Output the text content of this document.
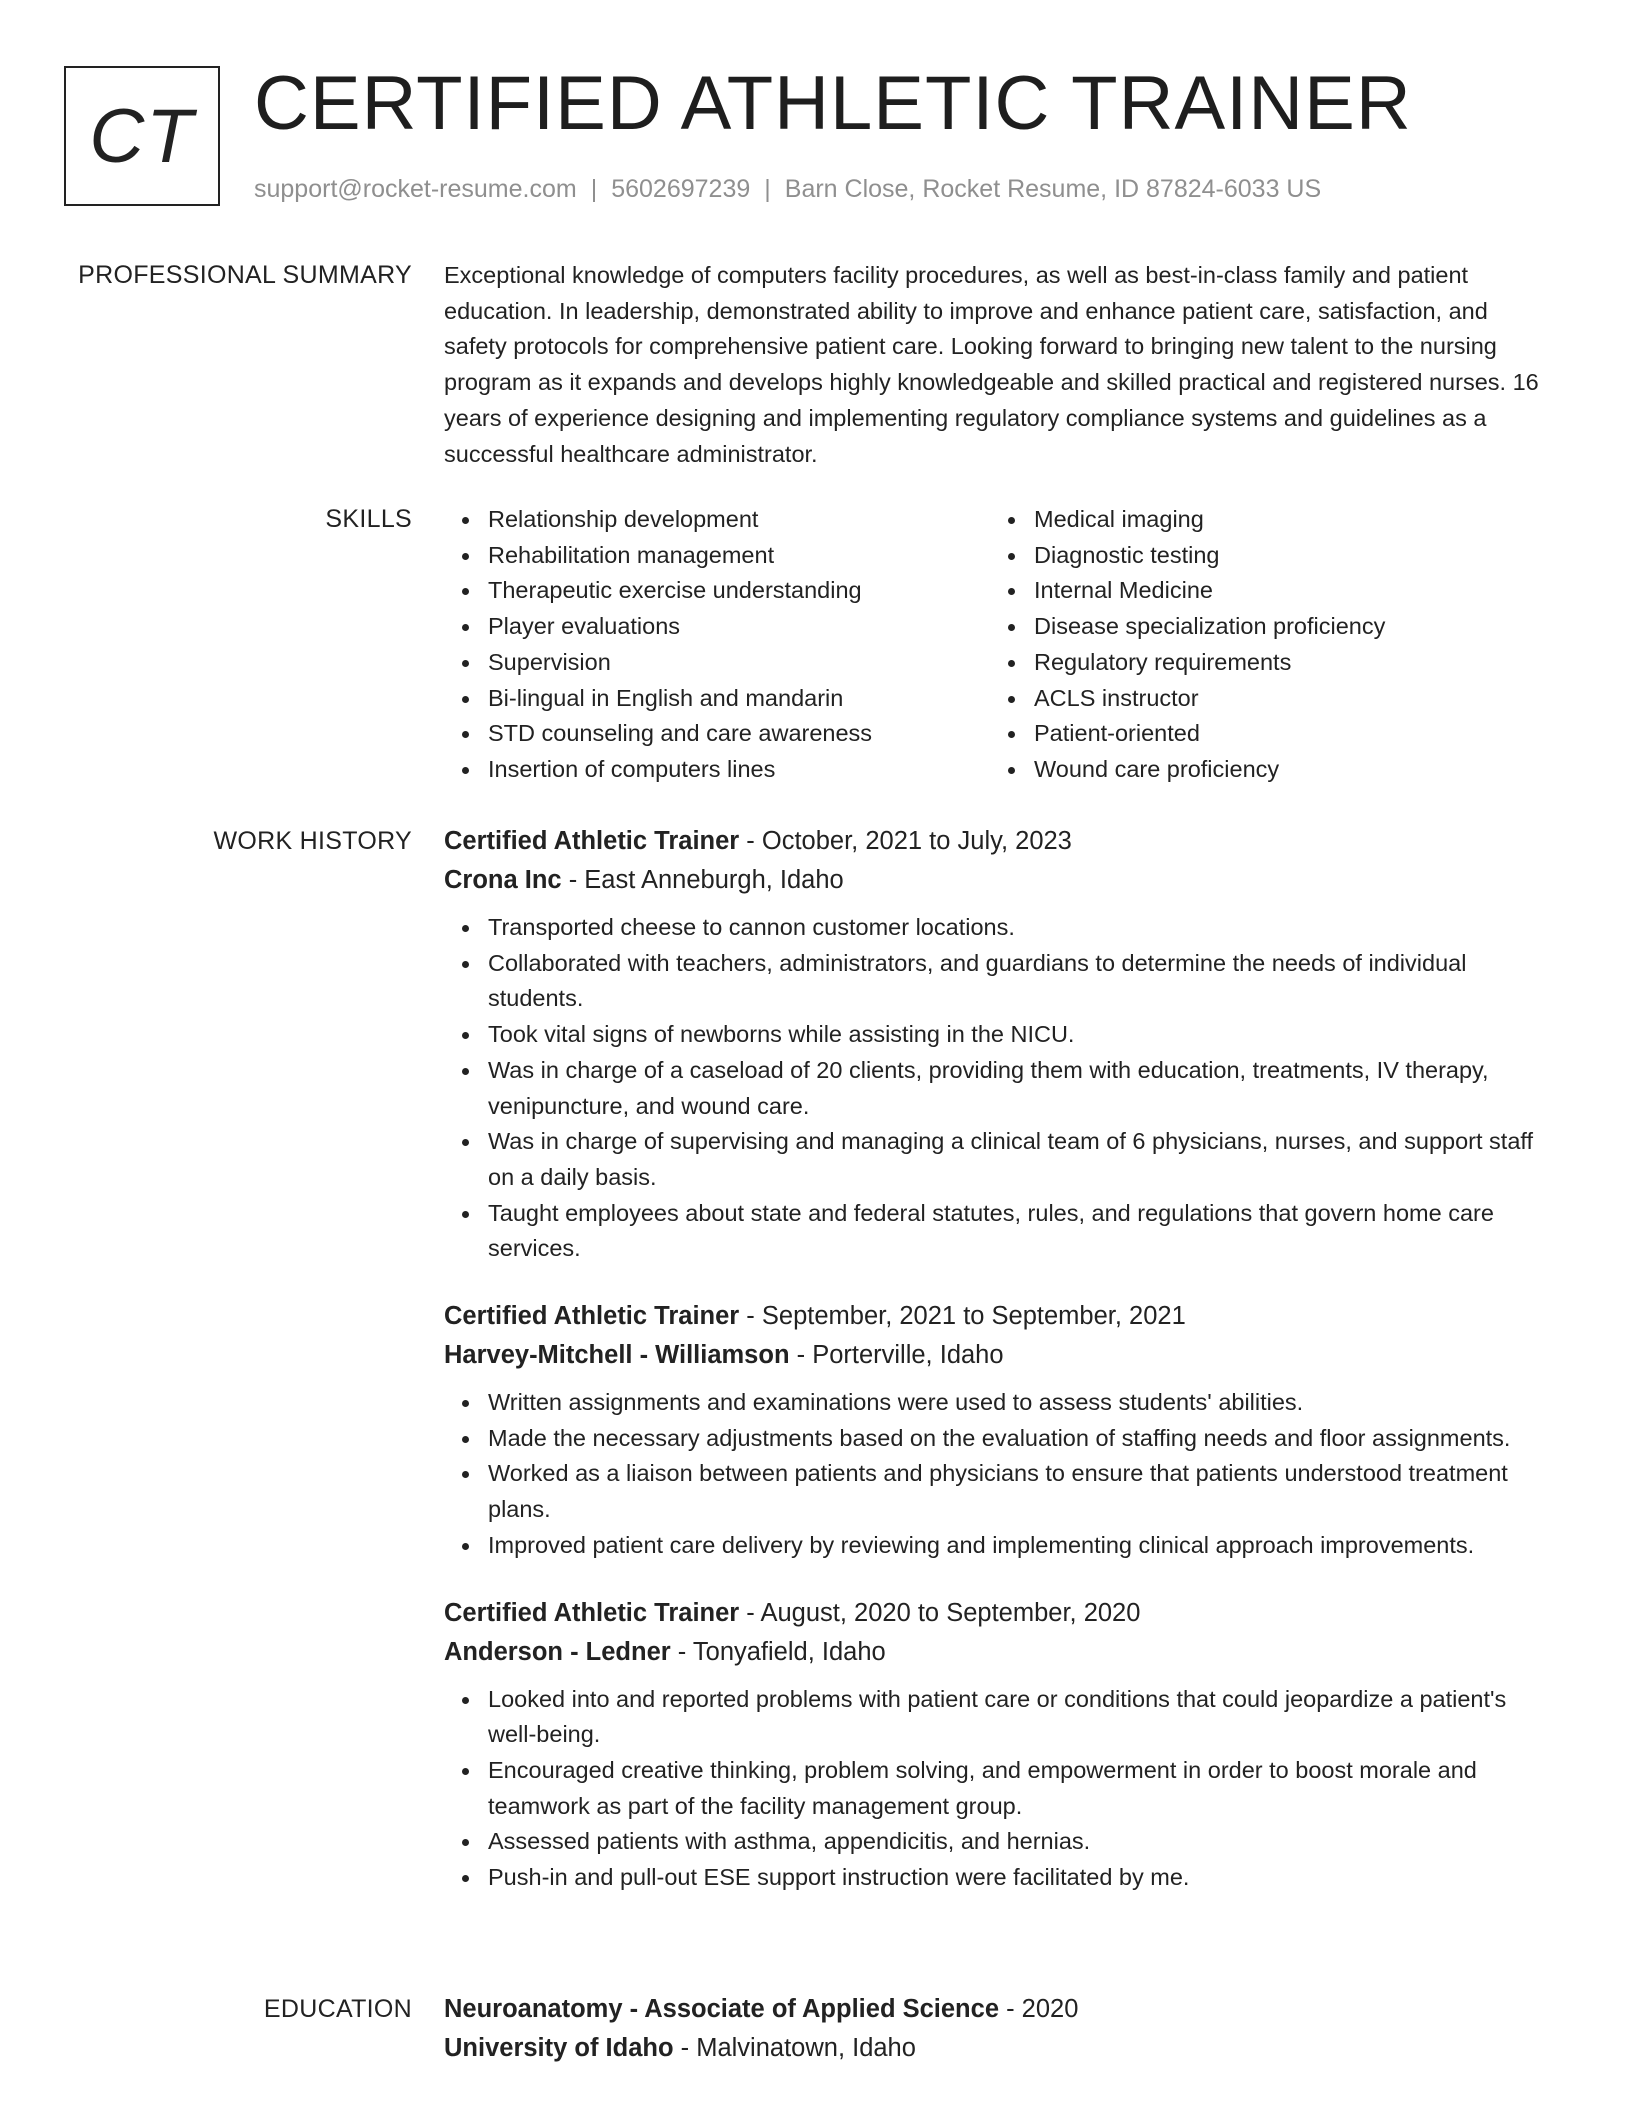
CT CERTIFIED ATHLETIC TRAINER
support@rocket-resume.com | 5602697239 | Barn Close, Rocket Resume, ID 87824-6033 US
PROFESSIONAL SUMMARY Exceptional knowledge of computers facility procedures, as well as best-in-class family and patient education. In leadership, demonstrated ability to improve and enhance patient care, satisfaction, and safety protocols for comprehensive patient care. Looking forward to bringing new talent to the nursing program as it expands and develops highly knowledgeable and skilled practical and registered nurses. 16 years of experience designing and implementing regulatory compliance systems and guidelines as a successful healthcare administrator.

SKILLS	Relationship development
Rehabilitation management
Therapeutic exercise understanding
Player evaluations
Supervision
Bi-lingual in English and mandarin
STD counseling and care awareness
Insertion of computers lines
Medical imaging
Diagnostic testing
Internal Medicine
Disease specialization proficiency
Regulatory requirements
ACLS instructor
Patient-oriented
Wound care proficiency
WORK HISTORY Certified Athletic Trainer - October, 2021 to July, 2023
Crona Inc - East Anneburgh, Idaho
Transported cheese to cannon customer locations.
Collaborated with teachers, administrators, and guardians to determine the needs of individual students.
Took vital signs of newborns while assisting in the NICU.
Was in charge of a caseload of 20 clients, providing them with education, treatments, IV therapy, venipuncture, and wound care.
Was in charge of supervising and managing a clinical team of 6 physicians, nurses, and support staff on a daily basis.
Taught employees about state and federal statutes, rules, and regulations that govern home care services.
Certified Athletic Trainer - September, 2021 to September, 2021
Harvey-Mitchell - Williamson - Porterville, Idaho
Written assignments and examinations were used to assess students' abilities.
Made the necessary adjustments based on the evaluation of staffing needs and floor assignments.
Worked as a liaison between patients and physicians to ensure that patients understood treatment plans.
Improved patient care delivery by reviewing and implementing clinical approach improvements.
Certified Athletic Trainer - August, 2020 to September, 2020
Anderson - Ledner - Tonyafield, Idaho
Looked into and reported problems with patient care or conditions that could jeopardize a patient's well-being.
Encouraged creative thinking, problem solving, and empowerment in order to boost morale and teamwork as part of the facility management group.
Assessed patients with asthma, appendicitis, and hernias.
Push-in and pull-out ESE support instruction were facilitated by me.
EDUCATION Neuroanatomy - Associate of Applied Science - 2020
University of Idaho - Malvinatown, Idaho
